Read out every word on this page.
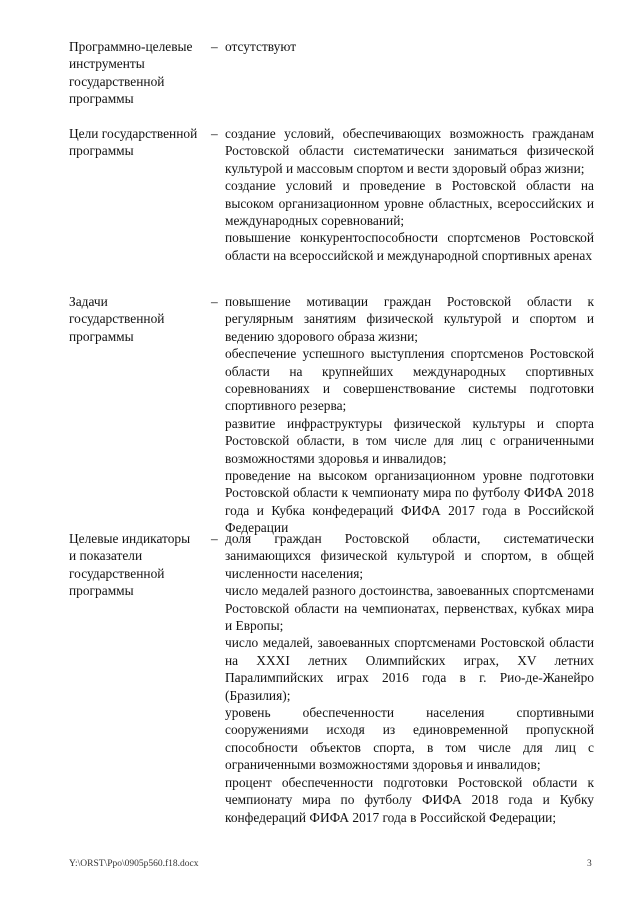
Программно-целевые инструменты государственной программы
– отсутствуют

Цели государственной программы
– создание условий, обеспечивающих возможность гражданам Ростовской области систематически заниматься физической культурой и массовым спортом и вести здоровый образ жизни;

создание условий и проведение в Ростовской области на высоком организационном уровне областных, всероссийских и международных соревнований;

повышение конкурентоспособности спортсменов Ростовской области на всероссийской и международной спортивных аренах

Задачи государственной программы
– повышение мотивации граждан Ростовской области к регулярным занятиям физической культурой и спортом и ведению здорового образа жизни;

обеспечение успешного выступления спортсменов Ростовской области на крупнейших международных спортивных соревнованиях и совершенствование системы подготовки спортивного резерва;

развитие инфраструктуры физической культуры и спорта Ростовской области, в том числе для лиц с ограниченными возможностями здоровья и инвалидов;

проведение на высоком организационном уровне подготовки Ростовской области к чемпионату мира по футболу ФИФА 2018 года и Кубка конфедераций ФИФА 2017 года в Российской Федерации

Целевые индикаторы и показатели государственной программы
– доля граждан Ростовской области, систематически занимающихся физической культурой и спортом, в общей численности населения;

число медалей разного достоинства, завоеванных спортсменами Ростовской области на чемпионатах, первенствах, кубках мира и Европы;

число медалей, завоеванных спортсменами Ростовской области на XXXI летних Олимпийских играх, XV летних Паралимпийских играх 2016 года в г. Рио-де-Жанейро (Бразилия);

уровень обеспеченности населения спортивными сооружениями исходя из единовременной пропускной способности объектов спорта, в том числе для лиц с ограниченными возможностями здоровья и инвалидов;

процент обеспеченности подготовки Ростовской области к чемпионату мира по футболу ФИФА 2018 года и Кубку конфедераций ФИФА 2017 года в Российской Федерации;

Y:\ORST\Ppo\0905p560.f18.docx	3
